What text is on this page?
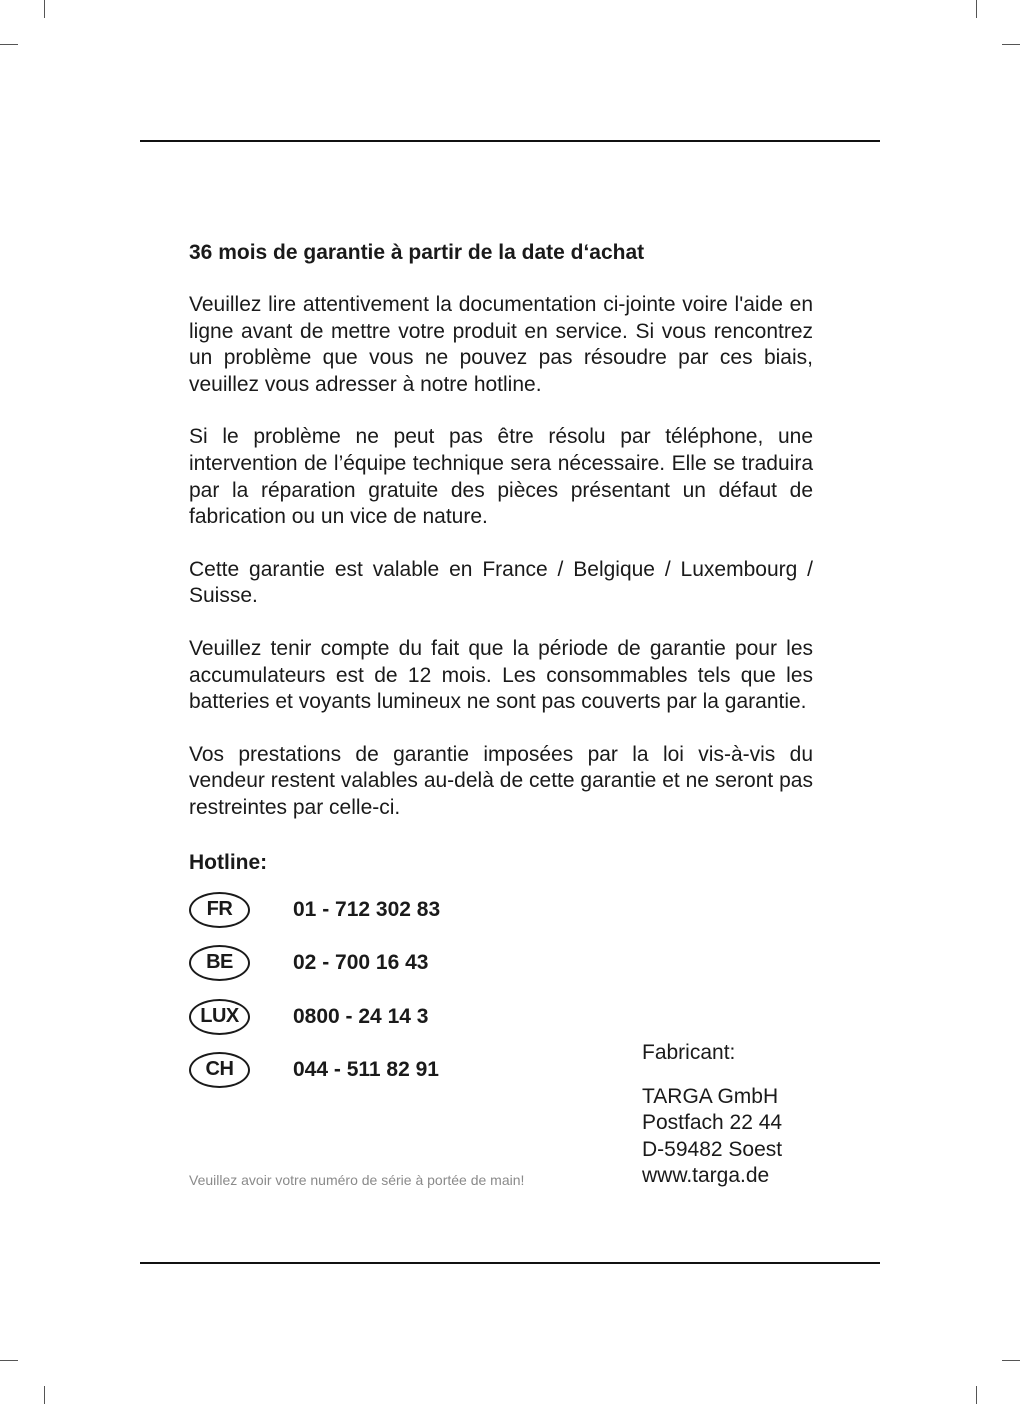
36 mois de garantie à partir de la date d‘achat

Veuillez lire attentivement la documentation ci-jointe voire l'aide en ligne avant de mettre votre produit en service. Si vous rencontrez un problème que vous ne pouvez pas résoudre par ces biais, veuillez vous adresser à notre hotline.

Si le problème ne peut pas être résolu par téléphone, une intervention de l’équipe technique sera nécessaire. Elle se traduira par la réparation gratuite des pièces présentant un défaut de fabrication ou un vice de nature.

Cette garantie est valable en France / Belgique / Luxembourg / Suisse.

Veuillez tenir compte du fait que la période de garantie pour les accumulateurs est de 12 mois. Les consommables tels que les batteries et voyants lumineux ne sont pas couverts par la garantie.

Vos prestations de garantie imposées par la loi vis-à-vis du vendeur restent valables au-delà de cette garantie et ne seront pas restreintes par celle-ci.

Hotline:
FR	01 - 712 302 83
BE	02 - 700 16 43
LUX	0800 - 24 14 3
CH	044 - 511 82 91
Veuillez avoir votre numéro de série à portée de main!
Fabricant:
TARGA GmbH
Postfach 22 44
D-59482 Soest
www.targa.de
